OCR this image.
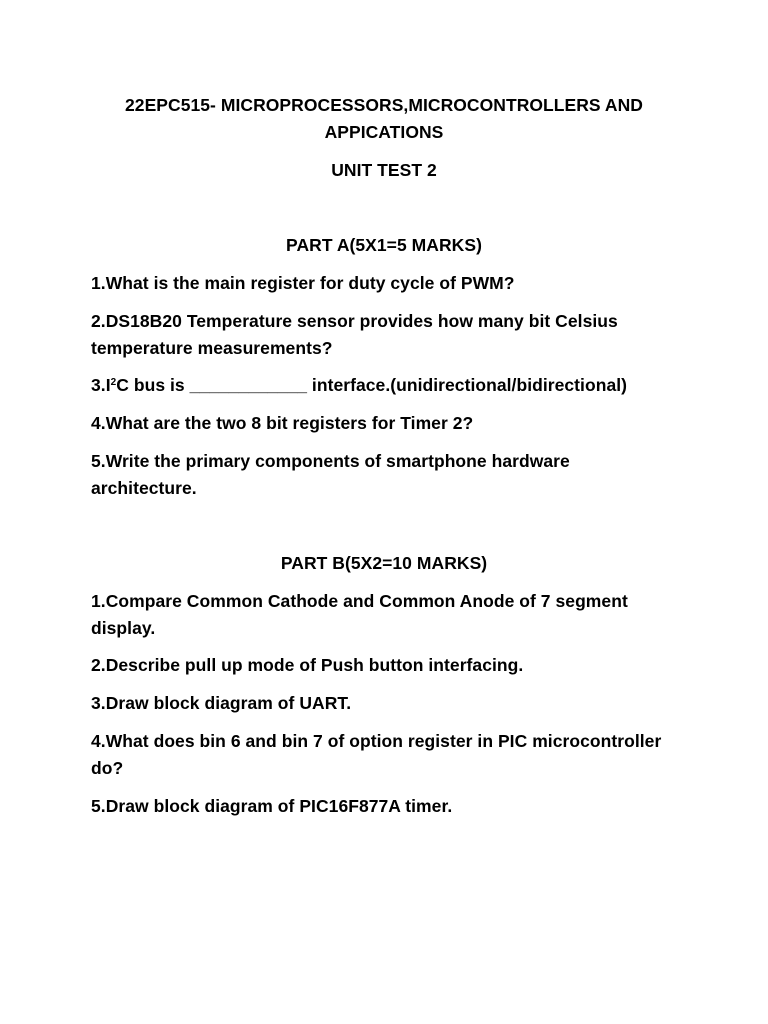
22EPC515- MICROPROCESSORS,MICROCONTROLLERS AND
APPICATIONS
UNIT TEST 2
PART A(5X1=5 MARKS)
1.What is the main register for duty cycle of PWM?
2.DS18B20 Temperature sensor provides how many bit Celsius
temperature measurements?
$3.I^2C$ bus is ____________ interface.(unidirectional/bidirectional)
4.What are the two 8 bit registers for Timer 2?
5.Write the primary components of smartphone hardware
architecture.
PART B(5X2=10 MARKS)
1.Compare Common Cathode and Common Anode of 7 segment
display.
2.Describe pull up mode of Push button interfacing.
3.Draw block diagram of UART.
4.What does bin 6 and bin 7 of option register in PIC microcontroller
do?
5.Draw block diagram of PIC16F877A timer.
